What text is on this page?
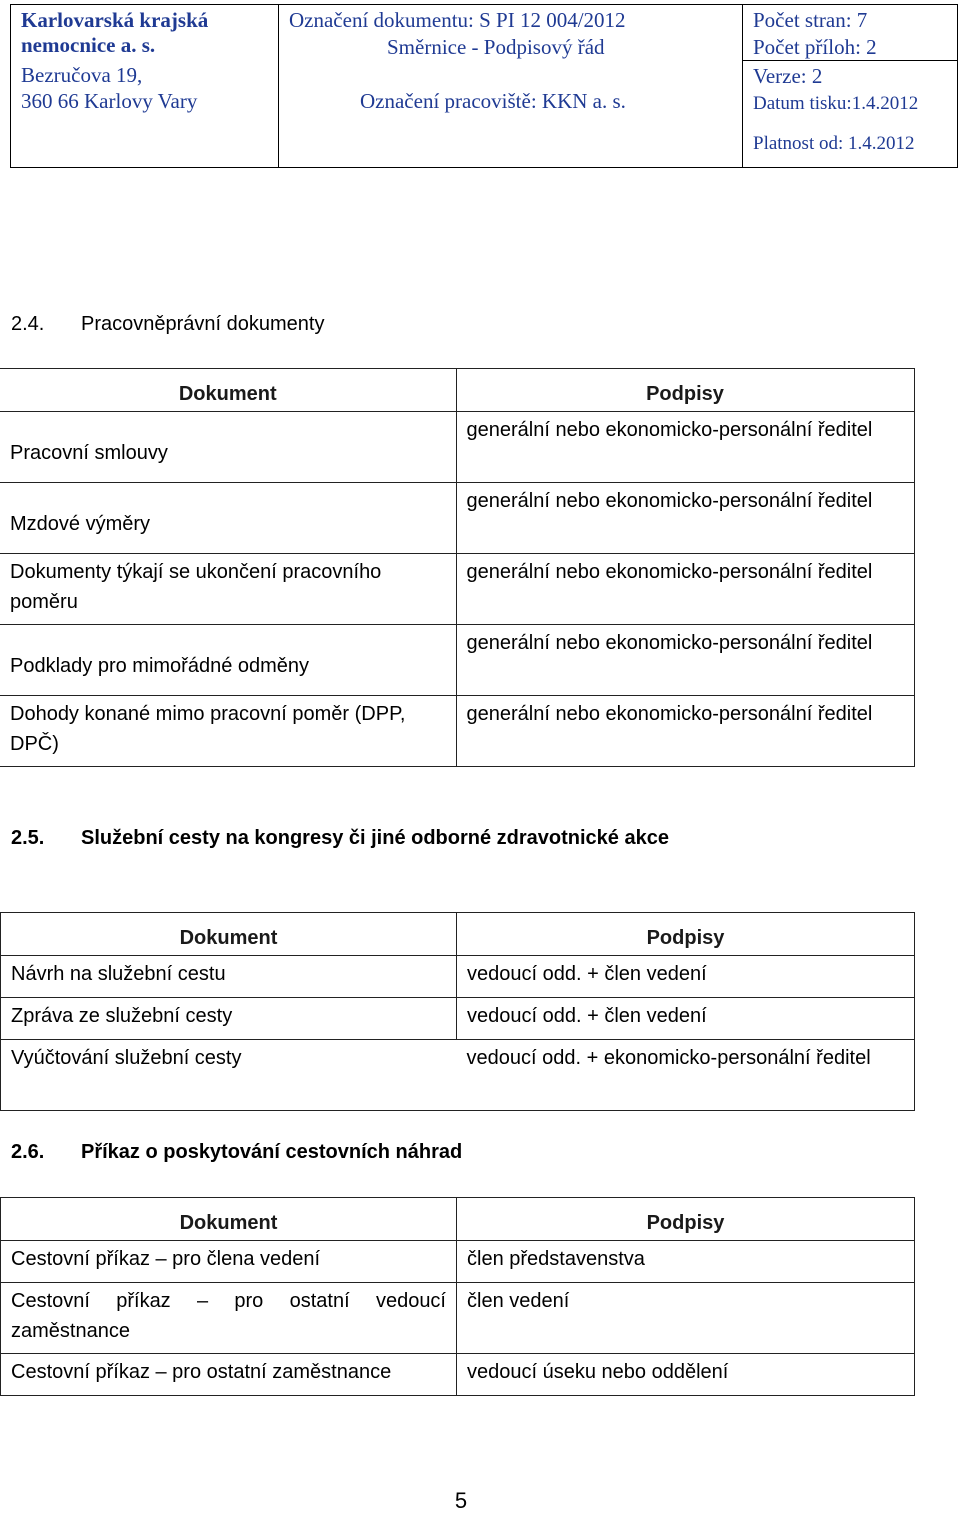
Karlovarská krajská
nemocnice a. s.
Bezručova 19,
360 66 Karlovy Vary
Označení dokumentu: S PI 12 004/2012
Směrnice - Podpisový řád
Označení pracoviště: KKN a. s.
Počet stran: 7
Počet příloh: 2
Verze: 2
Datum tisku:1.4.2012
Platnost od: 1.4.2012
2.4. Pracovněprávní dokumenty
Dokument	Podpisy
Pracovní smlouvy	generální nebo ekonomicko-personální ředitel
Mzdové výměry	generální nebo ekonomicko-personální ředitel
Dokumenty týkají se ukončení pracovního poměru	generální nebo ekonomicko-personální ředitel
Podklady pro mimořádné odměny	generální nebo ekonomicko-personální ředitel
Dohody konané mimo pracovní poměr (DPP, DPČ)	generální nebo ekonomicko-personální ředitel
2.5. Služební cesty na kongresy či jiné odborné zdravotnické akce
Dokument	Podpisy
Návrh na služební cestu	vedoucí odd. + člen vedení
Zpráva ze služební cesty	vedoucí odd. + člen vedení
Vyúčtování služební cesty	vedoucí odd. + ekonomicko-personální ředitel
2.6. Příkaz o poskytování cestovních náhrad
Dokument	Podpisy
Cestovní příkaz – pro člena vedení	člen představenstva
Cestovní příkaz – pro ostatní vedoucí zaměstnance	člen vedení
Cestovní příkaz – pro ostatní zaměstnance	vedoucí úseku nebo oddělení
5
